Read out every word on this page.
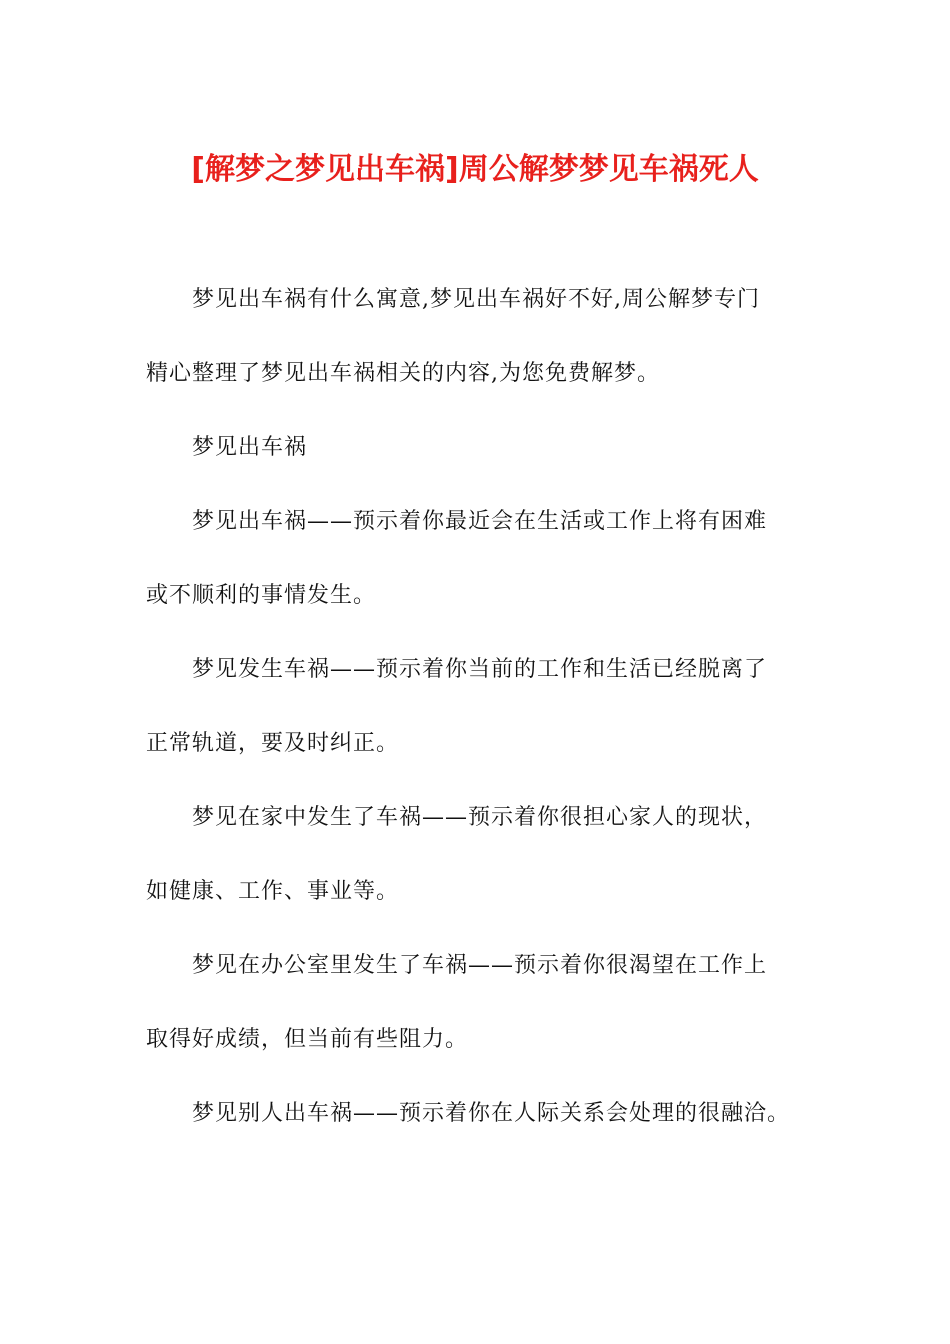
[解梦之梦见出车祸]周公解梦梦见车祸死人
梦见出车祸有什么寓意,梦见出车祸好不好,周公解梦专门
精心整理了梦见出车祸相关的内容,为您免费解梦。
梦见出车祸
梦见出车祸——预示着你最近会在生活或工作上将有困难
或不顺利的事情发生。
梦见发生车祸——预示着你当前的工作和生活已经脱离了
正常轨道，要及时纠正。
梦见在家中发生了车祸——预示着你很担心家人的现状，
如健康、工作、事业等。
梦见在办公室里发生了车祸——预示着你很渴望在工作上
取得好成绩，但当前有些阻力。
梦见别人出车祸——预示着你在人际关系会处理的很融洽。
